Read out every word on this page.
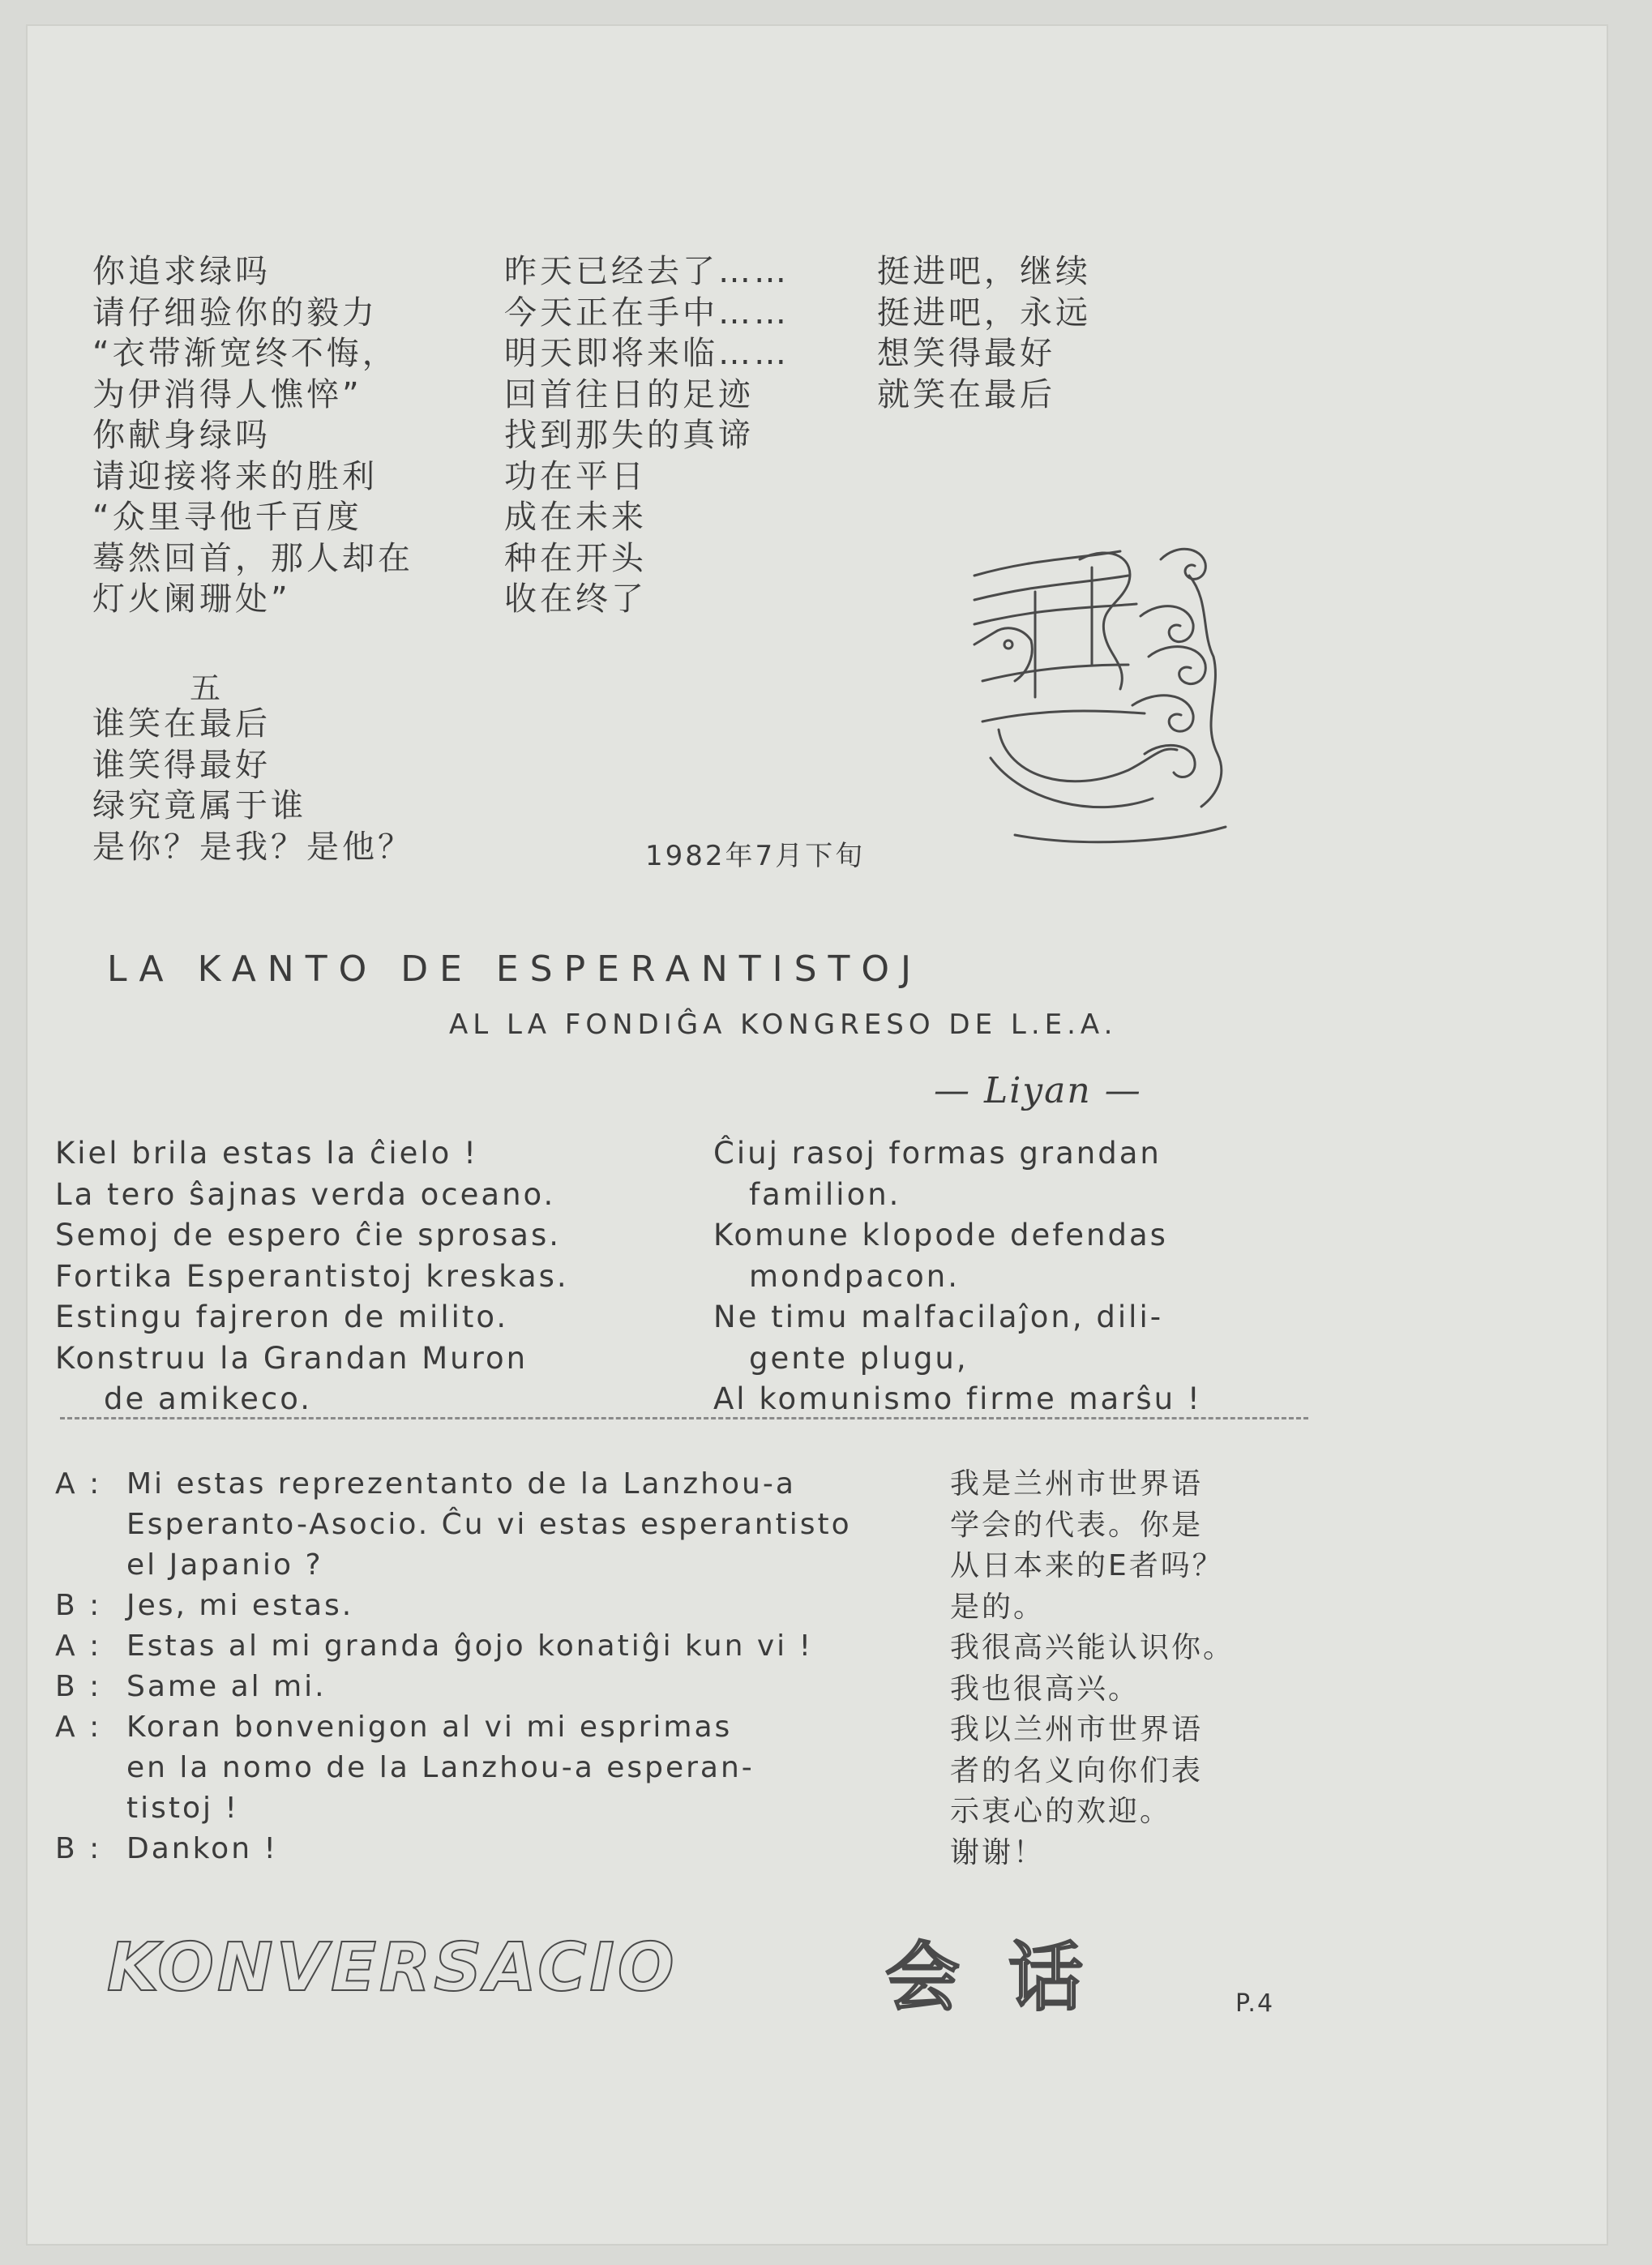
你追求绿吗
请仔细验你的毅力
“衣带渐宽终不悔，
为伊消得人憔悴”
你献身绿吗
请迎接将来的胜利
“众里寻他千百度
蓦然回首，那人却在
灯火阑珊处”
昨天已经去了……
今天正在手中……
明天即将来临……
回首往日的足迹
找到那失的真谛
功在平日
成在未来
种在开头
收在终了
挺进吧，继续
挺进吧，永远
想笑得最好
就笑在最后
五
谁笑在最后
谁笑得最好
绿究竟属于谁
是你？是我？是他？	1982年7月下旬
LA KANTO DE ESPERANTISTOJ
AL LA FONDIĜA KONGRESO DE L.E.A.
— Liyan —
Kiel brila estas la ĉielo !
La tero ŝajnas verda oceano.
Semoj de espero ĉie sprosas.
Fortika Esperantistoj kreskas.
Estingu fajreron de milito.
Konstruu la Grandan Muron
de amikeco.
Ĉiuj rasoj formas grandan
familion.
Komune klopode defendas
mondpacon.
Ne timu malfacilaĵon, dili-
gente plugu,
Al komunismo firme marŝu !
A : Mi estas reprezentanto de la Lanzhou-a
Esperanto-Asocio. Ĉu vi estas esperantisto
el Japanio ?
B : Jes, mi estas.
A : Estas al mi granda ĝojo konatiĝi kun vi !
B : Same al mi.
A : Koran bonvenigon al vi mi esprimas
en la nomo de la Lanzhou-a esperan-
tistoj !
B : Dankon !
我是兰州市世界语
学会的代表。你是
从日本来的E者吗？
是的。
我很高兴能认识你。
我也很高兴。
我以兰州市世界语
者的名义向你们表
示衷心的欢迎。
谢谢！
KONVERSACIO	会话	P.4
